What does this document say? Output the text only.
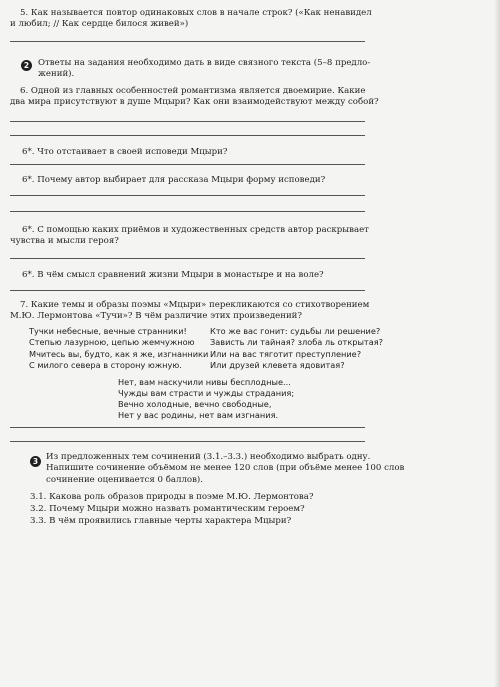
5. Как называется повтор одинаковых слов в начале строк? («Как ненавидел
и любил; // Как сердце билося живей»)
2	Ответы на задания необходимо дать в виде связного текста (5–8 предло-
жений).
6. Одной из главных особенностей романтизма является двоемирие. Какие
два мира присутствуют в душе Мцыри? Как они взаимодействуют между собой?
6*. Что отстаивает в своей исповеди Мцыри?
6*. Почему автор выбирает для рассказа Мцыри форму исповеди?
6*. С помощью каких приёмов и художественных средств автор раскрывает
чувства и мысли героя?
6*. В чём смысл сравнений жизни Мцыри в монастыре и на воле?
7. Какие темы и образы поэмы «Мцыри» перекликаются со стихотворением
М.Ю. Лермонтова «Тучи»? В чём различие этих произведений?
Тучки небесные, вечные странники!
Степью лазурною, цепью жемчужною
Мчитесь вы, будто, как я же, изгнанники
С милого севера в сторону южную.
Кто же вас гонит: судьбы ли решение?
Зависть ли тайная? злоба ль открытая?
Или на вас тяготит преступление?
Или друзей клевета ядовитая?
Нет, вам наскучили нивы бесплодные...
Чужды вам страсти и чужды страдания;
Вечно холодные, вечно свободные,
Нет у вас родины, нет вам изгнания.
3 Из предложенных тем сочинений (3.1.–3.3.) необходимо выбрать одну.
Напишите сочинение объёмом не менее 120 слов (при объёме менее 100 слов
сочинение оценивается 0 баллов).
3.1. Какова роль образов природы в поэме М.Ю. Лермонтова?
3.2. Почему Мцыри можно назвать романтическим героем?
3.3. В чём проявились главные черты характера Мцыри?
